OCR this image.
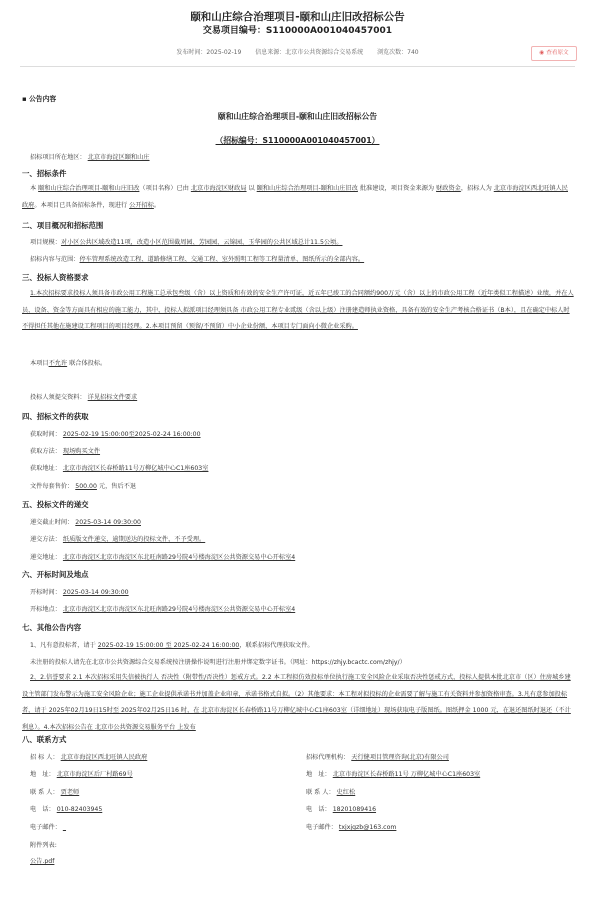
颐和山庄综合治理项目-颐和山庄旧改招标公告
交易项目编号：S110000A001040457001
发布时间：2025-02-19 信息来源：北京市公共资源综合交易系统 浏览次数：740	◉ 查看原文
▪ 公告内容
颐和山庄综合治理项目-颐和山庄旧改招标公告
（招标编号：S110000A001040457001）
招标项目所在地区： 北京市海淀区颐和山庄
一、招标条件
本 颐和山庄综合治理项目-颐和山庄旧改（项目名称）已由 北京市海淀区财政局 以 颐和山庄综合治理项目-颐和山庄旧改 批准建设，项目资金来源为 财政资金，招标人为 北京市海淀区西北旺镇人民政府。本项目已具备招标条件，现进行 公开招标。
二、项目概况和招标范围
项目规模：对小区公共区域改造11项，改造小区范围截周园、芳园园、云锦园、玉华园的公共区域总计11.5公顷。
招标内容与范围：停车管理系统改造工程、道路修缮工程、交通工程、室外照明工程等工程量清单、图纸所示的全部内容。
三、投标人资格要求
1.本次招标要求投标人须具备市政公用工程施工总承包叁级（含）以上资质和有效的安全生产许可证，近五年已竣工的合同额约900万元（含）以上的市政公用工程（近年类似工程描述）业绩，并在人员、设备、资金等方面具有相应的施工能力，其中，投标人拟派项目经理须具备 市政公用工程专业贰级（含以上级）注册建造师执业资格，具备有效的安全生产考核合格证书（B本），且在确定中标人时不得担任其他在施建设工程项目的项目经理。2.本项目预留（预留/不预留）中小企业份额，本项目专门面向小微企业采购。
本项目不允许 联合体投标。
投标人须提交资料： 详见招标文件要求
四、招标文件的获取
获取时间： 2025-02-19 15:00:00至2025-02-24 16:00:00
获取方法： 现场购买文件
获取地址： 北京市海淀区长春桥路11号万柳亿城中心C1座603室
文件每套售价： 500.00 元，售后不退
五、投标文件的递交
递交截止时间： 2025-03-14 09:30:00
递交方法： 纸质版文件递交，逾期送达的投标文件，不予受理。
递交地址： 北京市海淀区北京市海淀区东北旺南路29号院4号楼海淀区公共资源交易中心开标室4
六、开标时间及地点
开标时间： 2025-03-14 09:30:00
开标地点： 北京市海淀区北京市海淀区东北旺南路29号院4号楼海淀区公共资源交易中心开标室4
七、其他公告内容
1、凡有意投标者，请于 2025-02-19 15:00:00 至 2025-02-24 16:00:00，联系招标代理获取文件。
未注册的投标人请先在北京市公共资源综合交易系统按注册操作说明进行注册并绑定数字证书。（网址：https://zhjy.bcactc.com/zhjy/）
2、2.信誉要求 2.1 本次招标采用失信被执行人 否决性（附带性/否决性）惩戒方式。2.2 本工程拟仿效投标单位执行施工安全风险企业采取否决性惩戒方式，投标人提供本批北京市（区）住房城乡建设主管部门发布警示为施工安全风险企业；施工企业提供承诺书并加盖企业印章，承诺书格式自拟。（2）其他要求：本工程对拟投标的企业需要了解与施工有关资料并参加资格审查。3.凡有意参加投标者，请于 2025年02月19日15时至 2025年02月25日16 时，在 北京市海淀区长春桥路11号万柳亿城中心C1座603室（详细地址）现场获取电子版图纸。图纸押金 1000 元，在退还图纸时退还（不计利息）。4.本次招标公告在 北京市公共资源交易服务平台 上发布
八、联系方式
招 标 人： 北京市海淀区西北旺镇人民政府
地　址： 北京市海淀区后厂村路69号
联 系 人： 贾老师
电　话： 010-82403945
电子邮件： _
招标代理机构： 天行健项目管理咨询(北京)有限公司
地　址： 北京市海淀区长春桥路11号 万柳亿城中心C1座603室
联 系 人： 史红松
电　话： 18201089416
电子邮件： txjxjgzb@163.com
附件列表:
公告.pdf
